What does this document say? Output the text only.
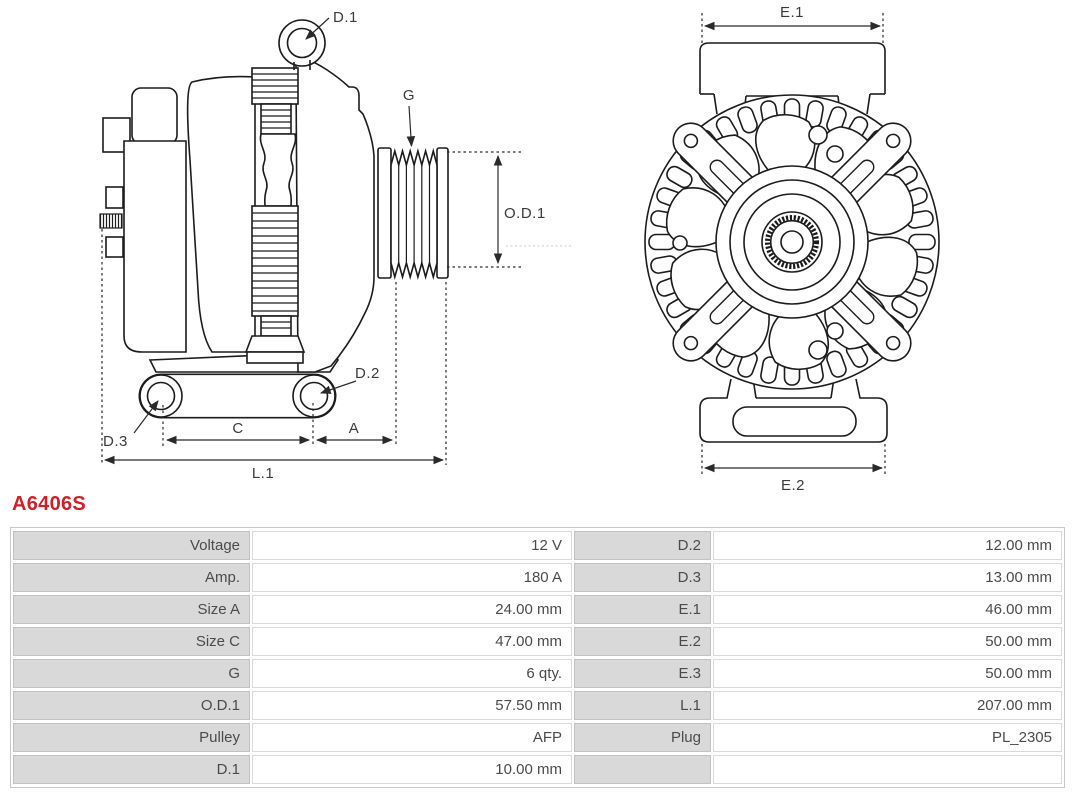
D.1
G
O.D.1
D.2
D.3
C	A
L.1
E.1
E.2
A6406S
Voltage	12 V	D.2	12.00 mm
Amp.	180 A	D.3	13.00 mm
Size A	24.00 mm	E.1	46.00 mm
Size C	47.00 mm	E.2	50.00 mm
G	6 qty.	E.3	50.00 mm
O.D.1	57.50 mm	L.1	207.00 mm
Pulley	AFP	Plug	PL_2305
D.1	10.00 mm		
